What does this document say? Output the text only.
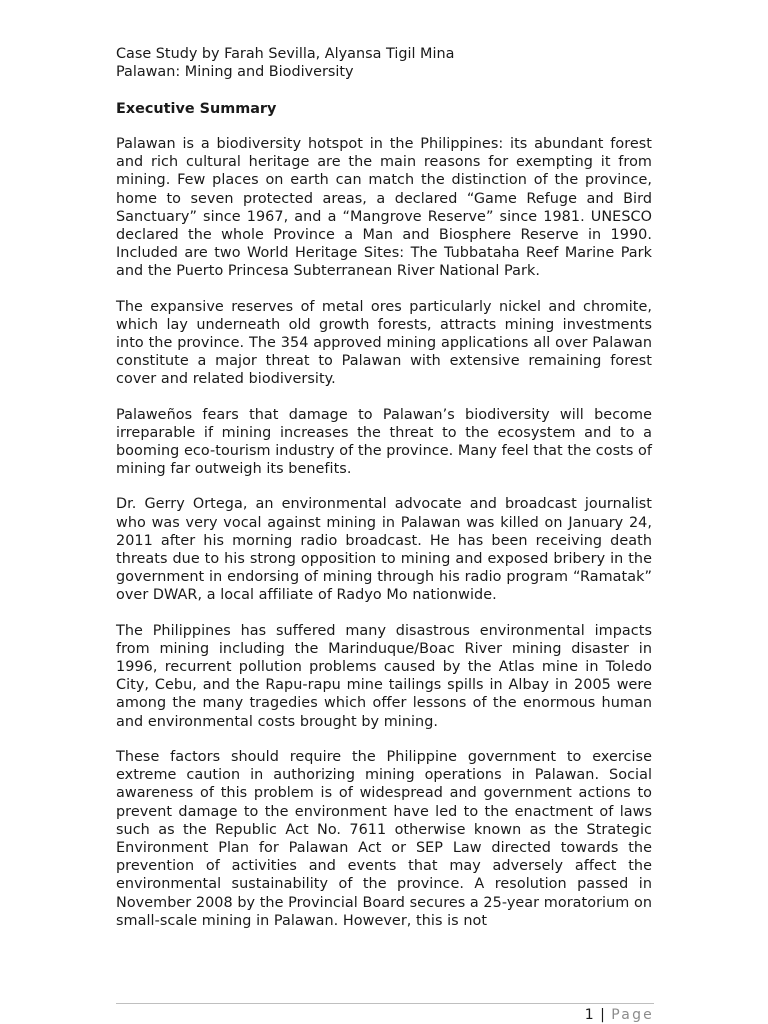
Case Study by Farah Sevilla, Alyansa Tigil Mina

Palawan: Mining and Biodiversity

Executive Summary

Palawan is a biodiversity hotspot in the Philippines: its abundant forest and rich cultural heritage are the main reasons for exempting it from mining. Few places on earth can match the distinction of the province, home to seven protected areas, a declared “Game Refuge and Bird Sanctuary” since 1967, and a “Mangrove Reserve” since 1981. UNESCO declared the whole Province a Man and Biosphere Reserve in 1990. Included are two World Heritage Sites: The Tubbataha Reef Marine Park and the Puerto Princesa Subterranean River National Park.

The expansive reserves of metal ores particularly nickel and chromite, which lay underneath old growth forests, attracts mining investments into the province. The 354 approved mining applications all over Palawan constitute a major threat to Palawan with extensive remaining forest cover and related biodiversity.

Palaweños fears that damage to Palawan’s biodiversity will become irreparable if mining increases the threat to the ecosystem and to a booming eco-tourism industry of the province. Many feel that the costs of mining far outweigh its benefits.

Dr. Gerry Ortega, an environmental advocate and broadcast journalist who was very vocal against mining in Palawan was killed on January 24, 2011 after his morning radio broadcast. He has been receiving death threats due to his strong opposition to mining and exposed bribery in the government in endorsing of mining through his radio program “Ramatak” over DWAR, a local affiliate of Radyo Mo nationwide.

The Philippines has suffered many disastrous environmental impacts from mining including the Marinduque/Boac River mining disaster in 1996, recurrent pollution problems caused by the Atlas mine in Toledo City, Cebu, and the Rapu-rapu mine tailings spills in Albay in 2005 were among the many tragedies which offer lessons of the enormous human and environmental costs brought by mining.

These factors should require the Philippine government to exercise extreme caution in authorizing mining operations in Palawan. Social awareness of this problem is of widespread and government actions to prevent damage to the environment have led to the enactment of laws such as the Republic Act No. 7611 otherwise known as the Strategic Environment Plan for Palawan Act or SEP Law directed towards the prevention of activities and events that may adversely affect the environmental sustainability of the province. A resolution passed in November 2008 by the Provincial Board secures a 25-year moratorium on small-scale mining in Palawan. However, this is not

1 | Page
